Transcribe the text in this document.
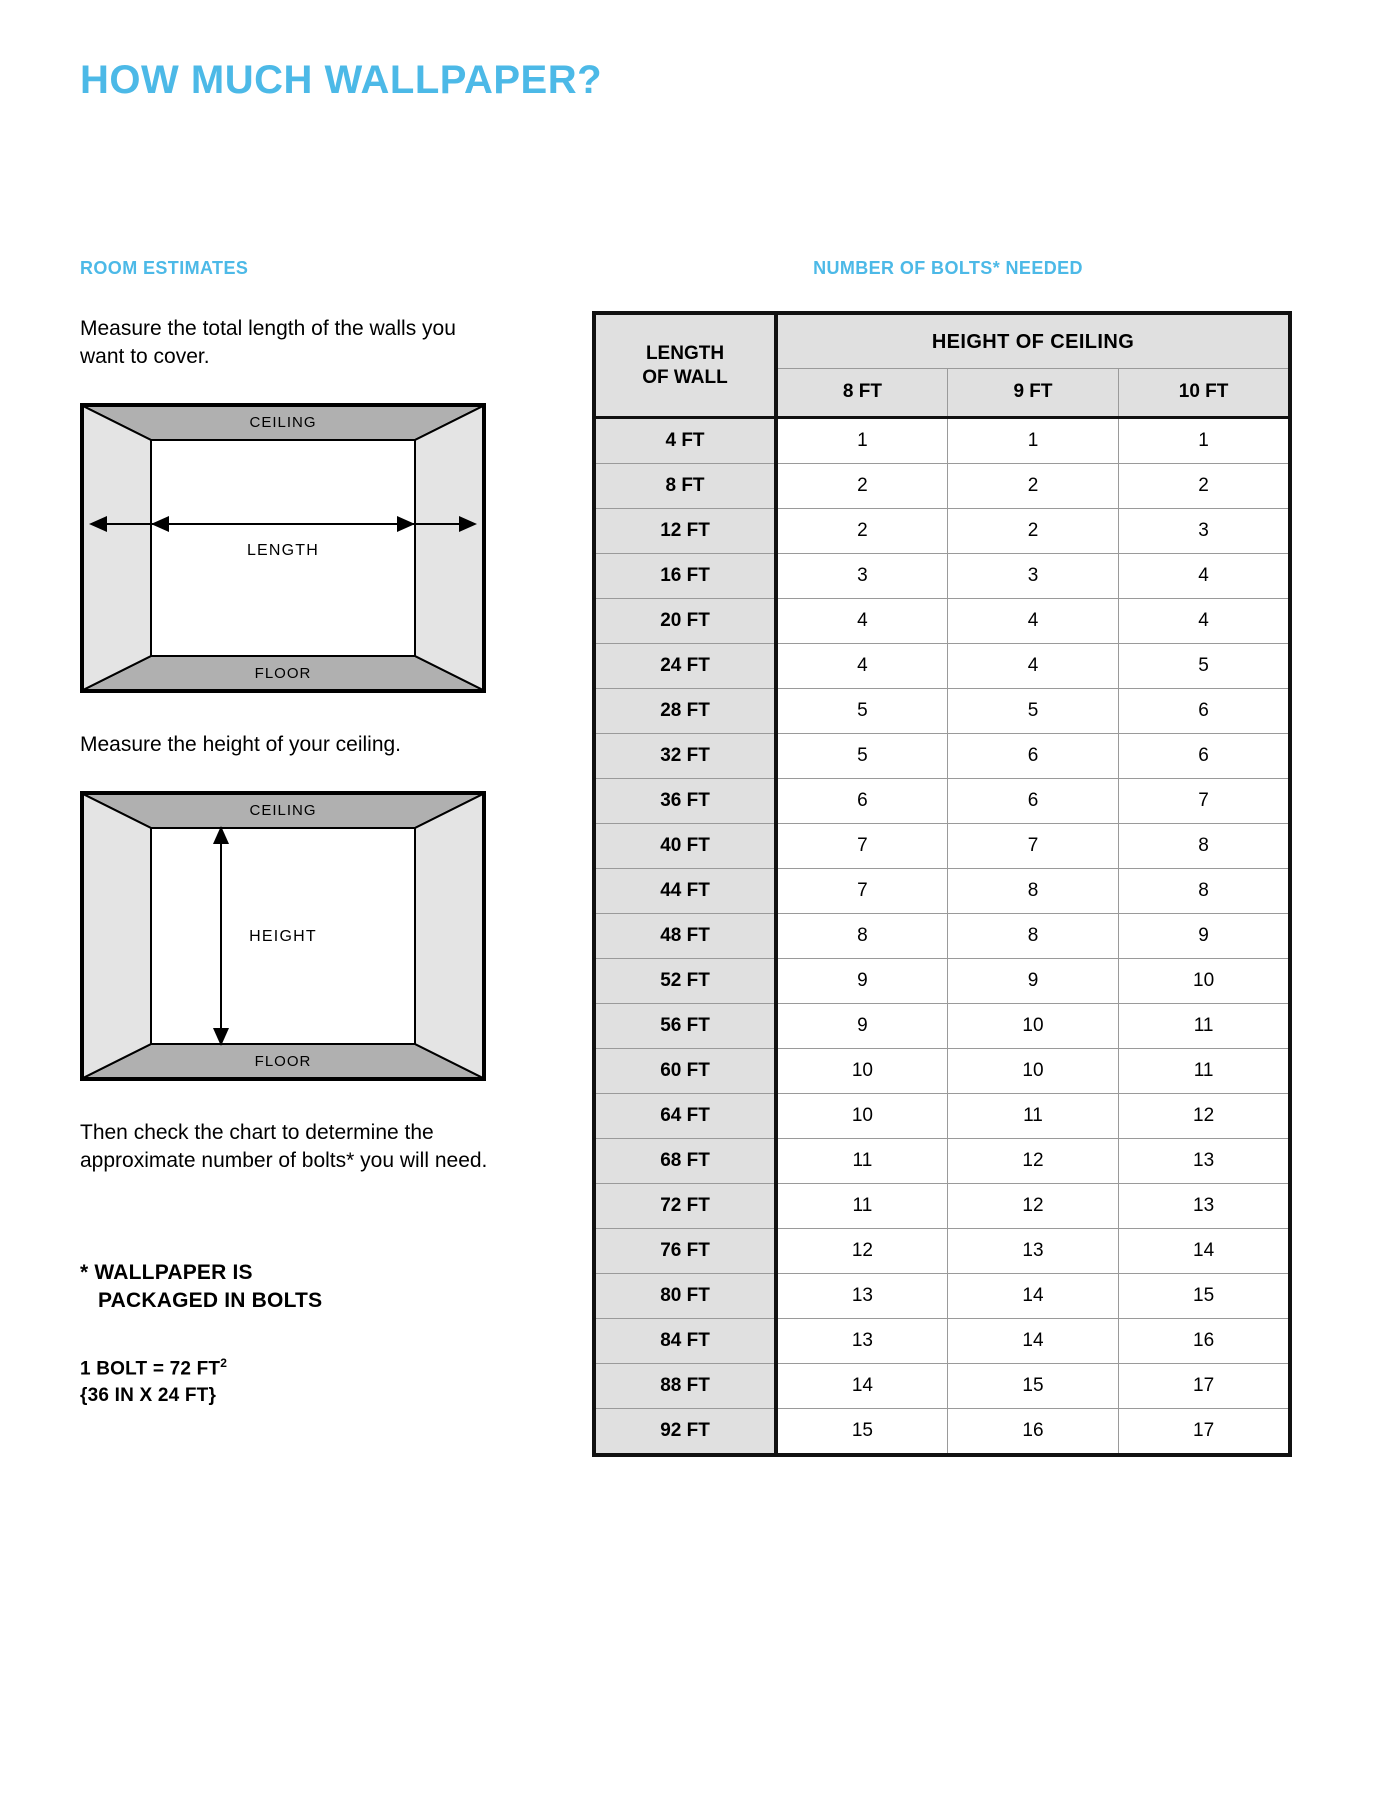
HOW MUCH WALLPAPER?
ROOM ESTIMATES

Measure the total length of the walls you want to cover.

CEILING
FLOOR
LENGTH

Measure the height of your ceiling.

CEILING
FLOOR
HEIGHT

Then check the chart to determine the approximate number of bolts* you will need.

* WALLPAPER IS

PACKAGED IN BOLTS

1 BOLT = 72 $FT^2$

{36 IN X 24 FT}

NUMBER OF BOLTS* NEEDED
LENGTH
OF WALL	HEIGHT OF CEILING		
	8 FT	9 FT	10 FT
4 FT	1	1	1
8 FT	2	2	2
12 FT	2	2	3
16 FT	3	3	4
20 FT	4	4	4
24 FT	4	4	5
28 FT	5	5	6
32 FT	5	6	6
36 FT	6	6	7
40 FT	7	7	8
44 FT	7	8	8
48 FT	8	8	9
52 FT	9	9	10
56 FT	9	10	11
60 FT	10	10	11
64 FT	10	11	12
68 FT	11	12	13
72 FT	11	12	13
76 FT	12	13	14
80 FT	13	14	15
84 FT	13	14	16
88 FT	14	15	17
92 FT	15	16	17
